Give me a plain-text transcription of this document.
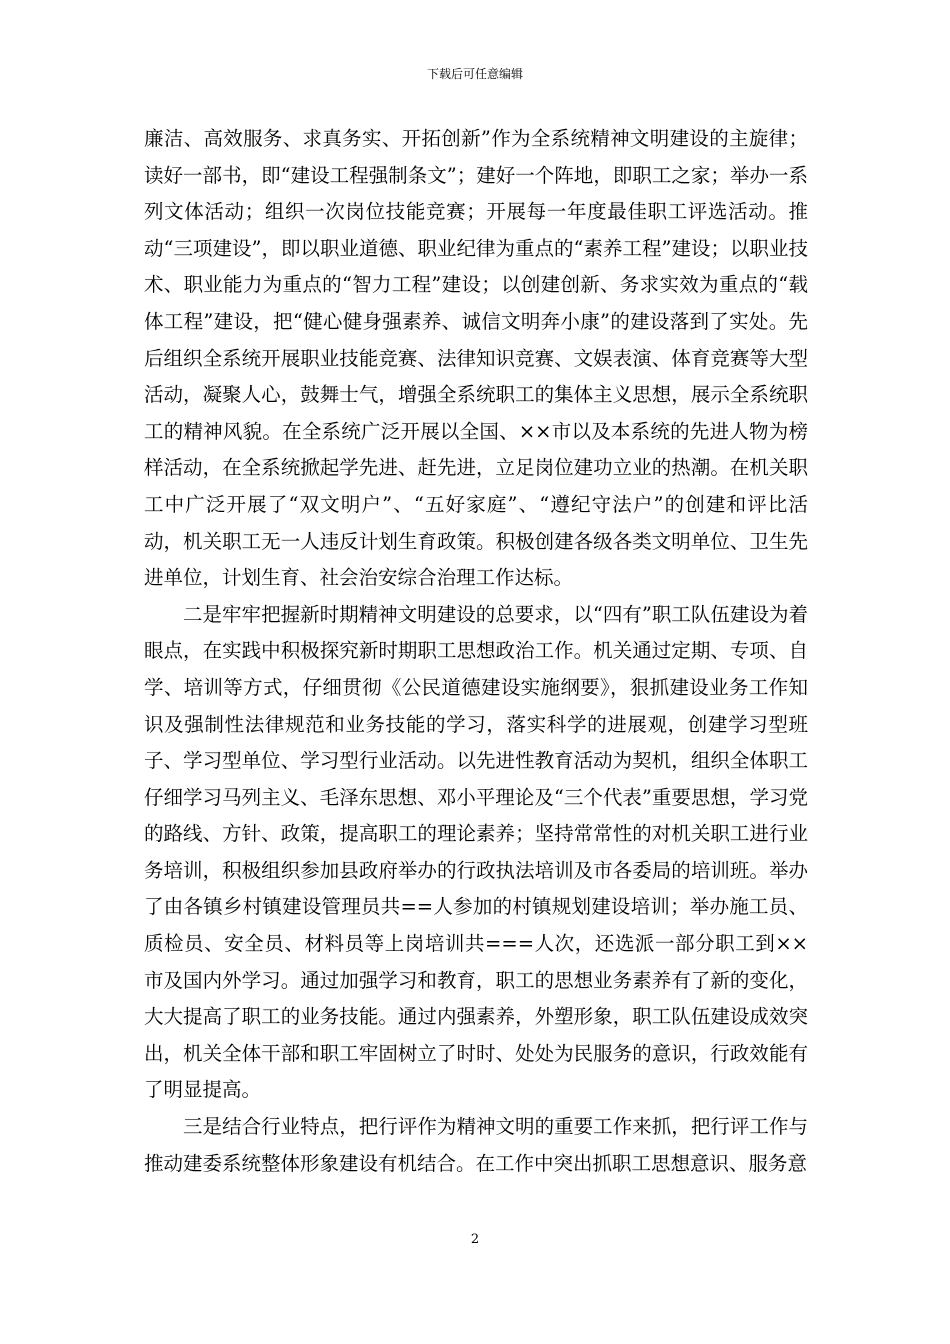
下载后可任意编辑

廉洁、高效服务、求真务实、开拓创新”作为全系统精神文明建设的主旋律；读好一部书，即“建设工程强制条文”；建好一个阵地，即职工之家；举办一系列文体活动；组织一次岗位技能竞赛；开展每一年度最佳职工评选活动。推动“三项建设”，即以职业道德、职业纪律为重点的“素养工程”建设；以职业技术、职业能力为重点的“智力工程”建设；以创建创新、务求实效为重点的“载体工程”建设，把“健心健身强素养、诚信文明奔小康”的建设落到了实处。先后组织全系统开展职业技能竞赛、法律知识竞赛、文娱表演、体育竞赛等大型活动，凝聚人心，鼓舞士气，增强全系统职工的集体主义思想，展示全系统职工的精神风貌。在全系统广泛开展以全国、××市以及本系统的先进人物为榜样活动，在全系统掀起学先进、赶先进，立足岗位建功立业的热潮。在机关职工中广泛开展了“双文明户”、“五好家庭”、“遵纪守法户”的创建和评比活动，机关职工无一人违反计划生育政策。积极创建各级各类文明单位、卫生先进单位，计划生育、社会治安综合治理工作达标。

二是牢牢把握新时期精神文明建设的总要求，以“四有”职工队伍建设为着眼点，在实践中积极探究新时期职工思想政治工作。机关通过定期、专项、自学、培训等方式，仔细贯彻《公民道德建设实施纲要》，狠抓建设业务工作知识及强制性法律规范和业务技能的学习，落实科学的进展观，创建学习型班子、学习型单位、学习型行业活动。以先进性教育活动为契机，组织全体职工仔细学习马列主义、毛泽东思想、邓小平理论及“三个代表”重要思想，学习党的路线、方针、政策，提高职工的理论素养；坚持常常性的对机关职工进行业务培训，积极组织参加县政府举办的行政执法培训及市各委局的培训班。举办了由各镇乡村镇建设管理员共==人参加的村镇规划建设培训；举办施工员、质检员、安全员、材料员等上岗培训共===人次，还选派一部分职工到××市及国内外学习。通过加强学习和教育，职工的思想业务素养有了新的变化，大大提高了职工的业务技能。通过内强素养，外塑形象，职工队伍建设成效突出，机关全体干部和职工牢固树立了时时、处处为民服务的意识，行政效能有了明显提高。

三是结合行业特点，把行评作为精神文明的重要工作来抓，把行评工作与推动建委系统整体形象建设有机结合。在工作中突出抓职工思想意识、服务意

2
